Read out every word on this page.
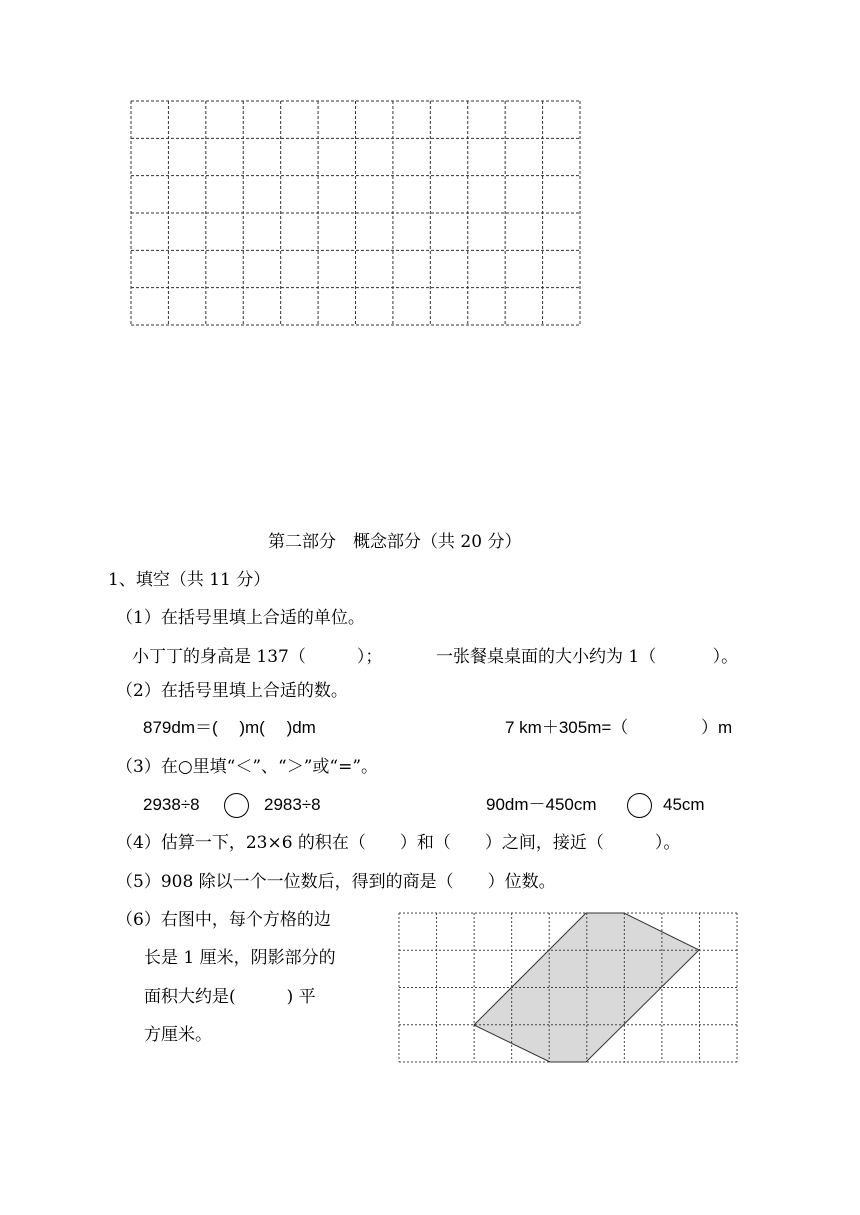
第二部分　概念部分（共 20 分）
1、填空（共 11 分）
（1）在括号里填上合适的单位。
小丁丁的身高是 137（　　　）；	一张餐桌桌面的大小约为 1（　　　 ）。
（2）在括号里填上合适的数。
879dm＝(　 )m(　 )dm	7 km＋305m=（　　　　 ）m
（3）在○里填“＜”、“＞”或“=”。
2938÷8	2983÷8	90dm－450cm	45cm
（4）估算一下，23×6 的积在（　　）和（　　）之间，接近（　　　）。
（5）908 除以一个一位数后，得到的商是（　　）位数。
（6）右图中，每个方格的边
长是 1 厘米，阴影部分的
面积大约是(　　　) 平
方厘米。
